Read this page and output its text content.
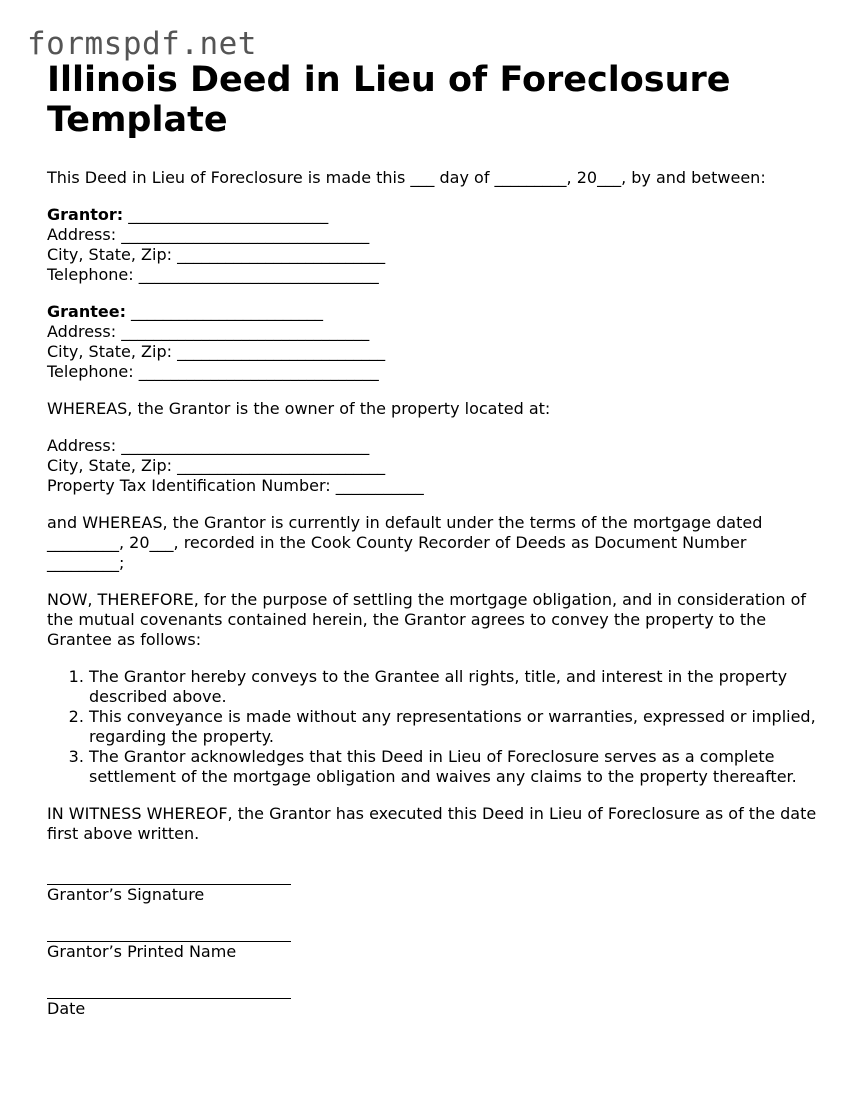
formspdf.net
Illinois Deed in Lieu of Foreclosure Template
This Deed in Lieu of Foreclosure is made this ___ day of _________, 20___, by and between:
Grantor: _________________________
Address: _______________________________
City, State, Zip: __________________________
Telephone: ______________________________
Grantee: ________________________
Address: _______________________________
City, State, Zip: __________________________
Telephone: ______________________________
WHEREAS, the Grantor is the owner of the property located at:
Address: _______________________________
City, State, Zip: __________________________
Property Tax Identification Number: ___________
and WHEREAS, the Grantor is currently in default under the terms of the mortgage dated _________, 20___, recorded in the Cook County Recorder of Deeds as Document Number _________;
NOW, THEREFORE, for the purpose of settling the mortgage obligation, and in consideration of the mutual covenants contained herein, the Grantor agrees to convey the property to the Grantee as follows:
1. The Grantor hereby conveys to the Grantee all rights, title, and interest in the property described above.
2. This conveyance is made without any representations or warranties, expressed or implied, regarding the property.
3. The Grantor acknowledges that this Deed in Lieu of Foreclosure serves as a complete settlement of the mortgage obligation and waives any claims to the property thereafter.
IN WITNESS WHEREOF, the Grantor has executed this Deed in Lieu of Foreclosure as of the date first above written.
Grantor’s Signature
Grantor’s Printed Name
Date
